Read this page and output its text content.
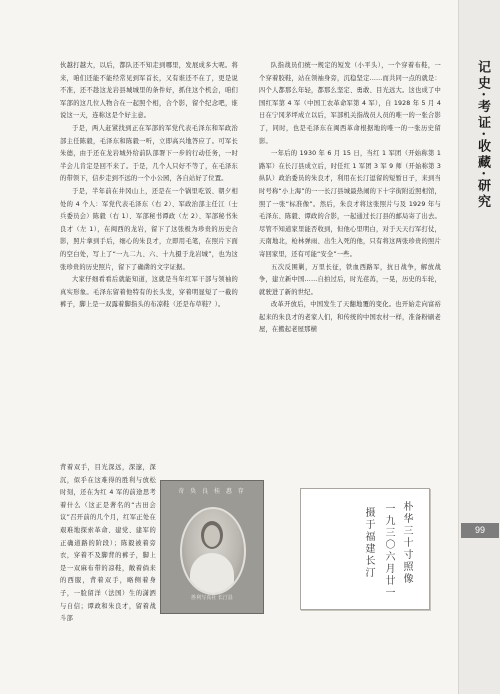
伙越打越大，以后，都队还不知走到哪里，发展成多大呢。将来，咱们还能不能经常见到军首长，又有谁还不在了，更是说不准，还不趁这龙岩县城城里的条件好，抓住这个机会，咱们军部的这几位人物合在一起照个相，合个影，留个纪念吧，谁说这一天，连称这是个好主意。

于是，两人赶紧找到正在军部的军党代表毛泽东和军政治部主任陈毅，毛泽东和陈毅一听，立即高兴地答应了。可军长朱德，由于还在龙岩城外给前队部署下一步的行动任务，一时半会儿肯定是回不来了。于是，几个人只好不等了，在毛泽东的带领下，信步走到不远的一个小公园，各自站好了位置。

于是，半年前在井冈山上，还是在一个锅里吃饭、朝夕相处的 4 个人：军党代表毛泽东（右 2）、军政治部主任江（士兵委员会）陈毅（右 1）、军部秘书谭政（左 2）、军部秘书朱良才（左 1），在闽西的龙岩，留下了这张极为珍贵的历史合影，照片拿到手后，细心的朱良才，立即用毛笔，在照片下面的空白处，写上了“一九二九、六、十九摄于龙岩城”，也为这张珍贵的历史照片，留下了确凿的文字证据。

大家仔细看看后就能知道，这就是当年红军干部与领袖的真实形象。毛泽东留着他特有的长头发，穿着明显短了一截的裤子，脚上是一双露着脚指头的布凉鞋（还是布草鞋？）。

背着双手，目光深远，深邃，深沉，似乎在这难得的胜利与放松时刻，还在为红 4 军的前途思考着什么（这正是著名的“古田会议”召开前的几个月，红军正处在艰难地探索革命、建党、建军的正确道路的阶段）；陈毅被着旁衣，穿着不及脚背的裤子，脚上是一双麻布带的凉鞋，敞着倘来的西服，背着双手，略侧着身子，一脸留洋（法国）生的潇洒与自信；谭政和朱良才，留着战斗部

队指战员们统一规定的短发（小平头），一个穿着布鞋，一个穿着胶鞋，站在领袖身旁，沉稳坚定……而共同一点的就是：四个人都那么年轻，都那么坚定、勇敢、目光远大。这也成了中国红军第 4 军（中国工农革命军第 4 军），自 1928 年 5 月 4 日在宁冈茅坪成立以后，军部机关指战员人员的唯一的一张合影了，同时，也是毛泽东在闽西革命根据地的唯一的一张历史留影。

一年后的 1930 年 6 月 15 日，当红 1 军团（开始称第 1 路军）在长汀县成立后，时任红 1 军团 3 军 9 师（开始称第 3 纵队）政治委员的朱良才，利用在长汀逗留的短暂日子，来到当时号称“小上海”的一一长汀县城最热闹的下十字街附近照相馆，照了一张“标准像”。然后，朱良才将这张照片与及 1929 年与毛泽东、陈毅、谭政的合影，一起通过长汀县的邮局寄了出去。尽管不知道家里能否收到，但他心里明白，对于天天行军打仗，天南地北，枪林弹雨、出生入死的他，只有将这两张珍贵的照片寄回家里，还有可能“安全”一些。

五次反围剿，万里长征，铁血西路军，抗日战争，解放战争，建立新中国……自拍过后，时光荏苒，一晃，历史的车轮，就驶进了新的世纪。

改革开放后，中国发生了天翻地覆的变化。也开始走向富裕起来的朱良才的老家人们，和传统的中国农村一样，准备粉刷老屋，在搬起老屋那横

奇 奂 良 桂 惠 存
胜利写真社 长汀县
朴华三十寸照像
一九三〇六月廿一
摄于福建长汀
记史·考证·收藏·研究
99
